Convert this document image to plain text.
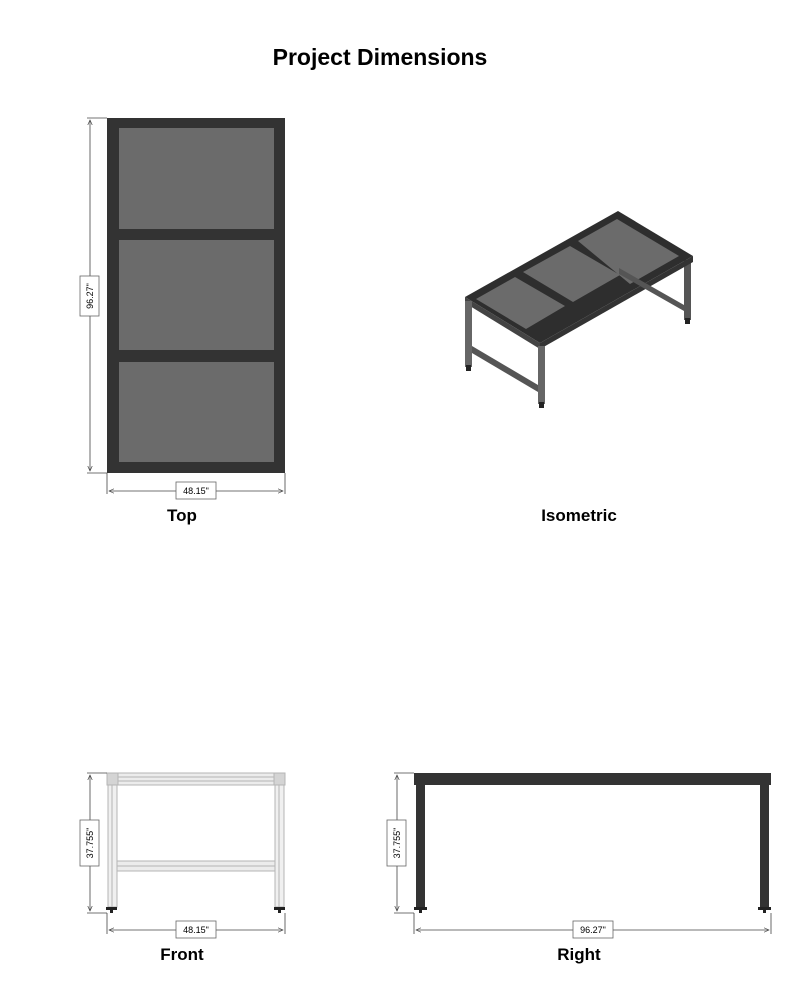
Project Dimensions
96.27"
48.15"
Top	Isometric
37.755"
48.15"
Front
37.755"
96.27"
Right
